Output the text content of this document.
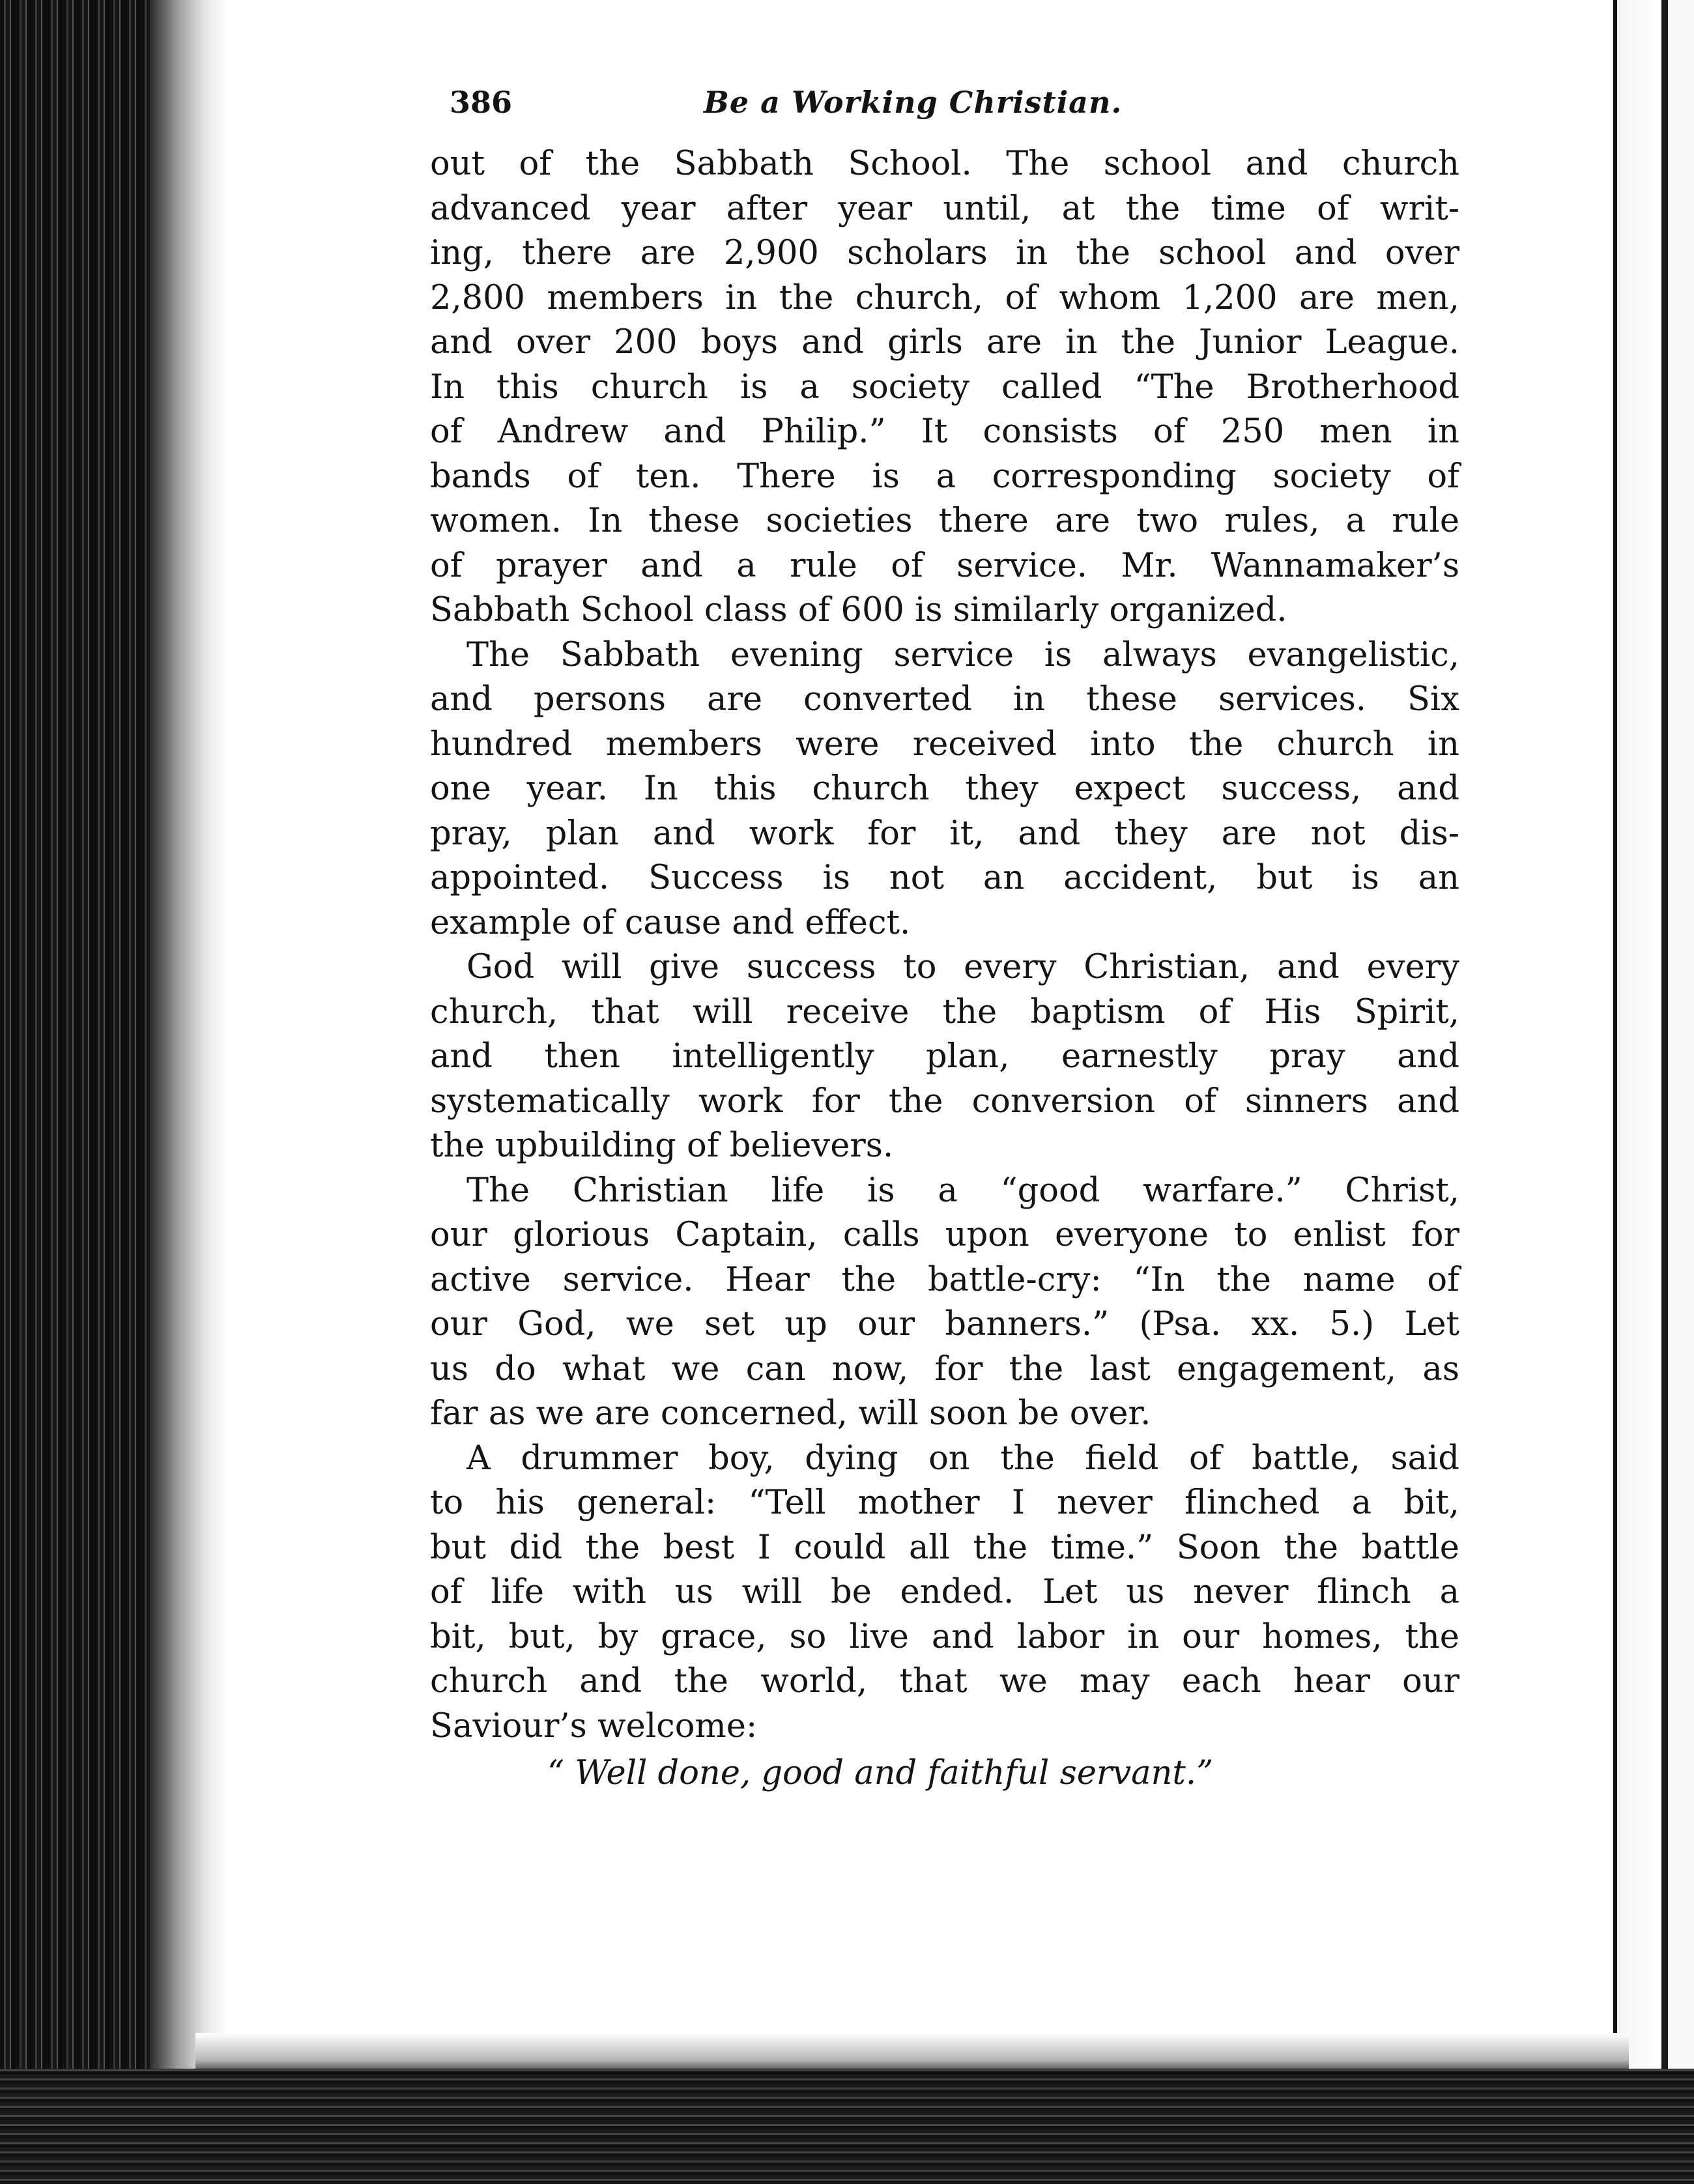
386	Be a Working Christian.

out of the Sabbath School. The school and church
advanced year after year until, at the time of writ-
ing, there are 2,900 scholars in the school and over
2,800 members in the church, of whom 1,200 are men,
and over 200 boys and girls are in the Junior League.
In this church is a society called “The Brotherhood
of Andrew and Philip.” It consists of 250 men in
bands of ten. There is a corresponding society of
women. In these societies there are two rules, a rule
of prayer and a rule of service. Mr. Wannamaker’s
Sabbath School class of 600 is similarly organized.

The Sabbath evening service is always evangelistic,
and persons are converted in these services. Six
hundred members were received into the church in
one year. In this church they expect success, and
pray, plan and work for it, and they are not dis-
appointed. Success is not an accident, but is an
example of cause and effect.

God will give success to every Christian, and every
church, that will receive the baptism of His Spirit,
and then intelligently plan, earnestly pray and
systematically work for the conversion of sinners and
the upbuilding of believers.

The Christian life is a “good warfare.” Christ,
our glorious Captain, calls upon everyone to enlist for
active service. Hear the battle-cry: “In the name of
our God, we set up our banners.” (Psa. xx. 5.) Let
us do what we can now, for the last engagement, as
far as we are concerned, will soon be over.

A drummer boy, dying on the field of battle, said
to his general: “Tell mother I never flinched a bit,
but did the best I could all the time.” Soon the battle
of life with us will be ended. Let us never flinch a
bit, but, by grace, so live and labor in our homes, the
church and the world, that we may each hear our
Saviour’s welcome:

“ Well done, good and faithful servant.”
